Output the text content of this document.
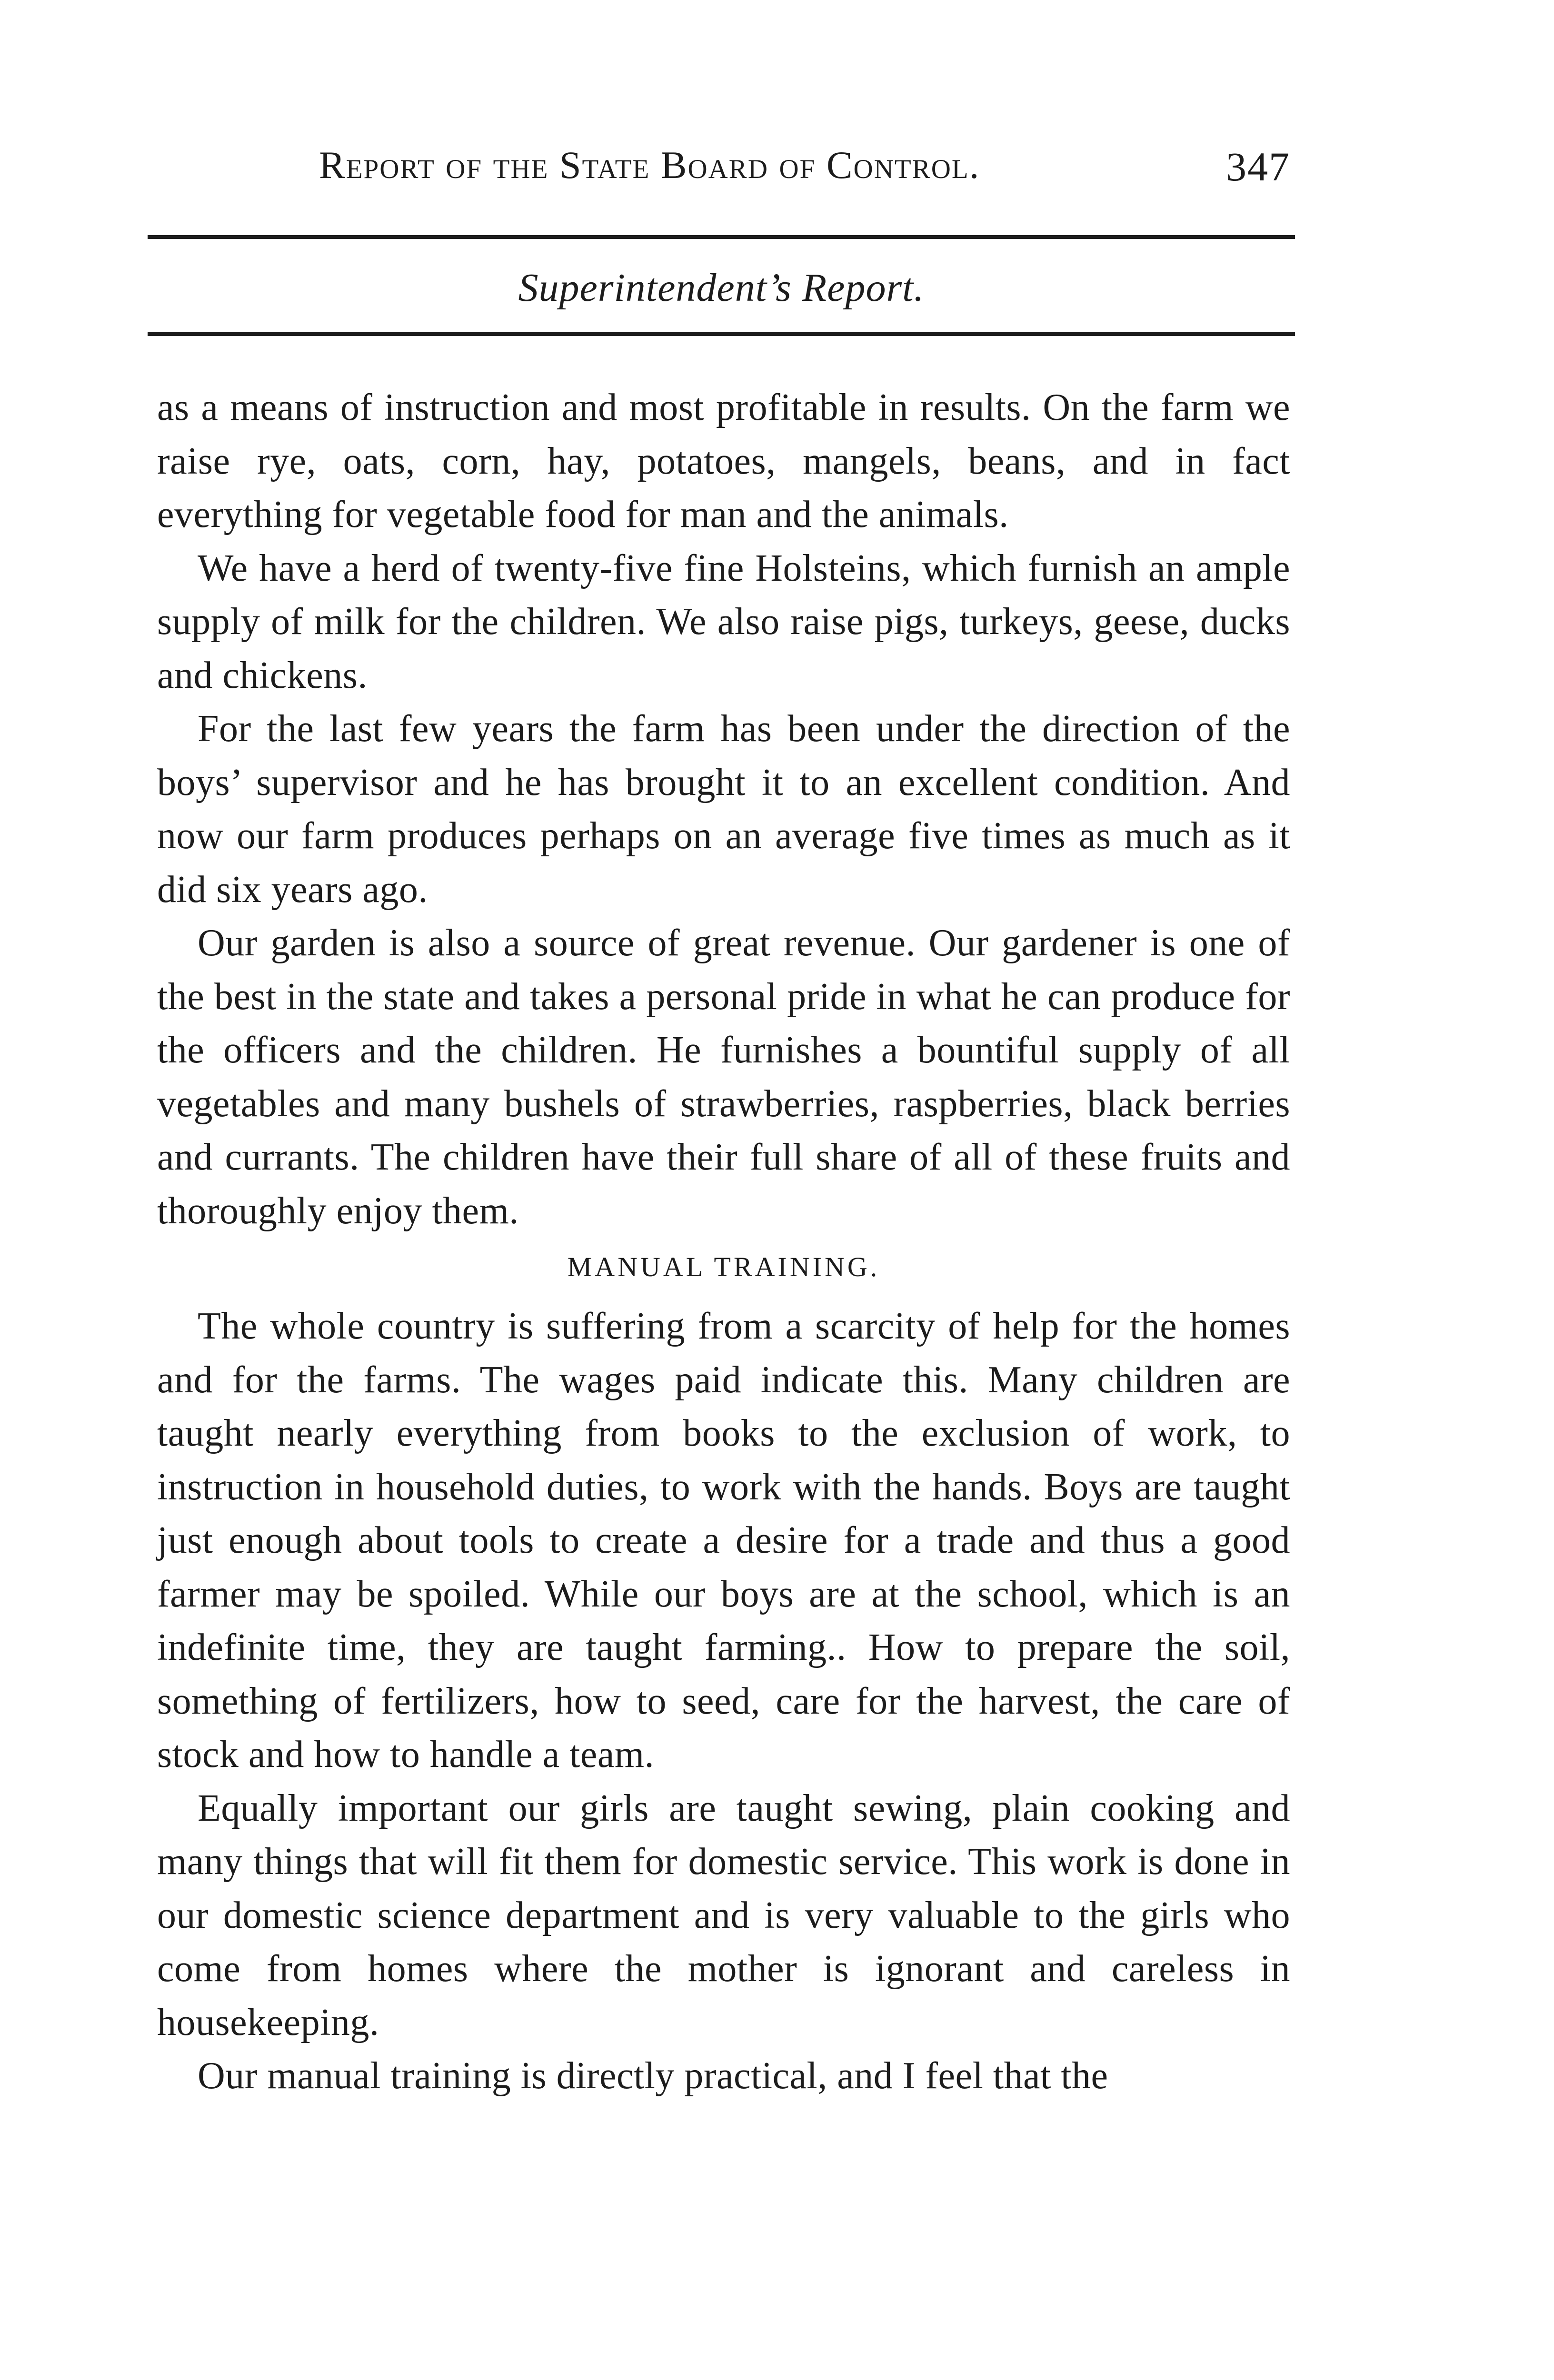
Report of the State Board of Control.	347
Superintendent’s Report.

as a means of instruction and most profitable in results. On the farm we raise rye, oats, corn, hay, potatoes, mangels, beans, and in fact everything for vegetable food for man and the animals.

We have a herd of twenty-five fine Holsteins, which furnish an ample supply of milk for the children. We also raise pigs, turkeys, geese, ducks and chickens.

For the last few years the farm has been under the direction of the boys’ supervisor and he has brought it to an excellent condition. And now our farm produces perhaps on an average five times as much as it did six years ago.

Our garden is also a source of great revenue. Our gardener is one of the best in the state and takes a personal pride in what he can produce for the officers and the children. He furnishes a bountiful supply of all vegetables and many bushels of strawberries, raspberries, black berries and currants. The children have their full share of all of these fruits and thoroughly enjoy them.

MANUAL TRAINING.

The whole country is suffering from a scarcity of help for the homes and for the farms. The wages paid indicate this. Many children are taught nearly everything from books to the exclusion of work, to instruction in household duties, to work with the hands. Boys are taught just enough about tools to create a desire for a trade and thus a good farmer may be spoiled. While our boys are at the school, which is an indefinite time, they are taught farming.. How to prepare the soil, something of fertilizers, how to seed, care for the harvest, the care of stock and how to handle a team.

Equally important our girls are taught sewing, plain cooking and many things that will fit them for domestic service. This work is done in our domestic science department and is very valuable to the girls who come from homes where the mother is ignorant and careless in housekeeping.

Our manual training is directly practical, and I feel that the
